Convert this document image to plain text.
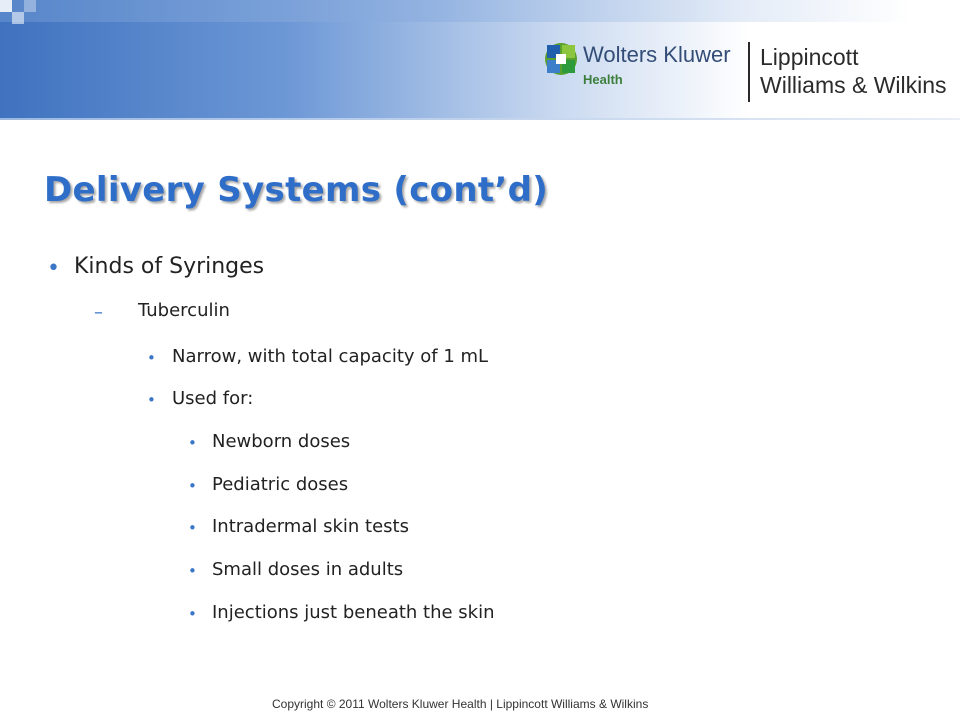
Wolters Kluwer
Health
Lippincott
Williams & Wilkins
Delivery Systems (cont’d)
• Kinds of Syringes
– Tuberculin
• Narrow, with total capacity of 1 mL
• Used for:
• Newborn doses
• Pediatric doses
• Intradermal skin tests
• Small doses in adults
• Injections just beneath the skin
Copyright © 2011 Wolters Kluwer Health | Lippincott Williams & Wilkins
